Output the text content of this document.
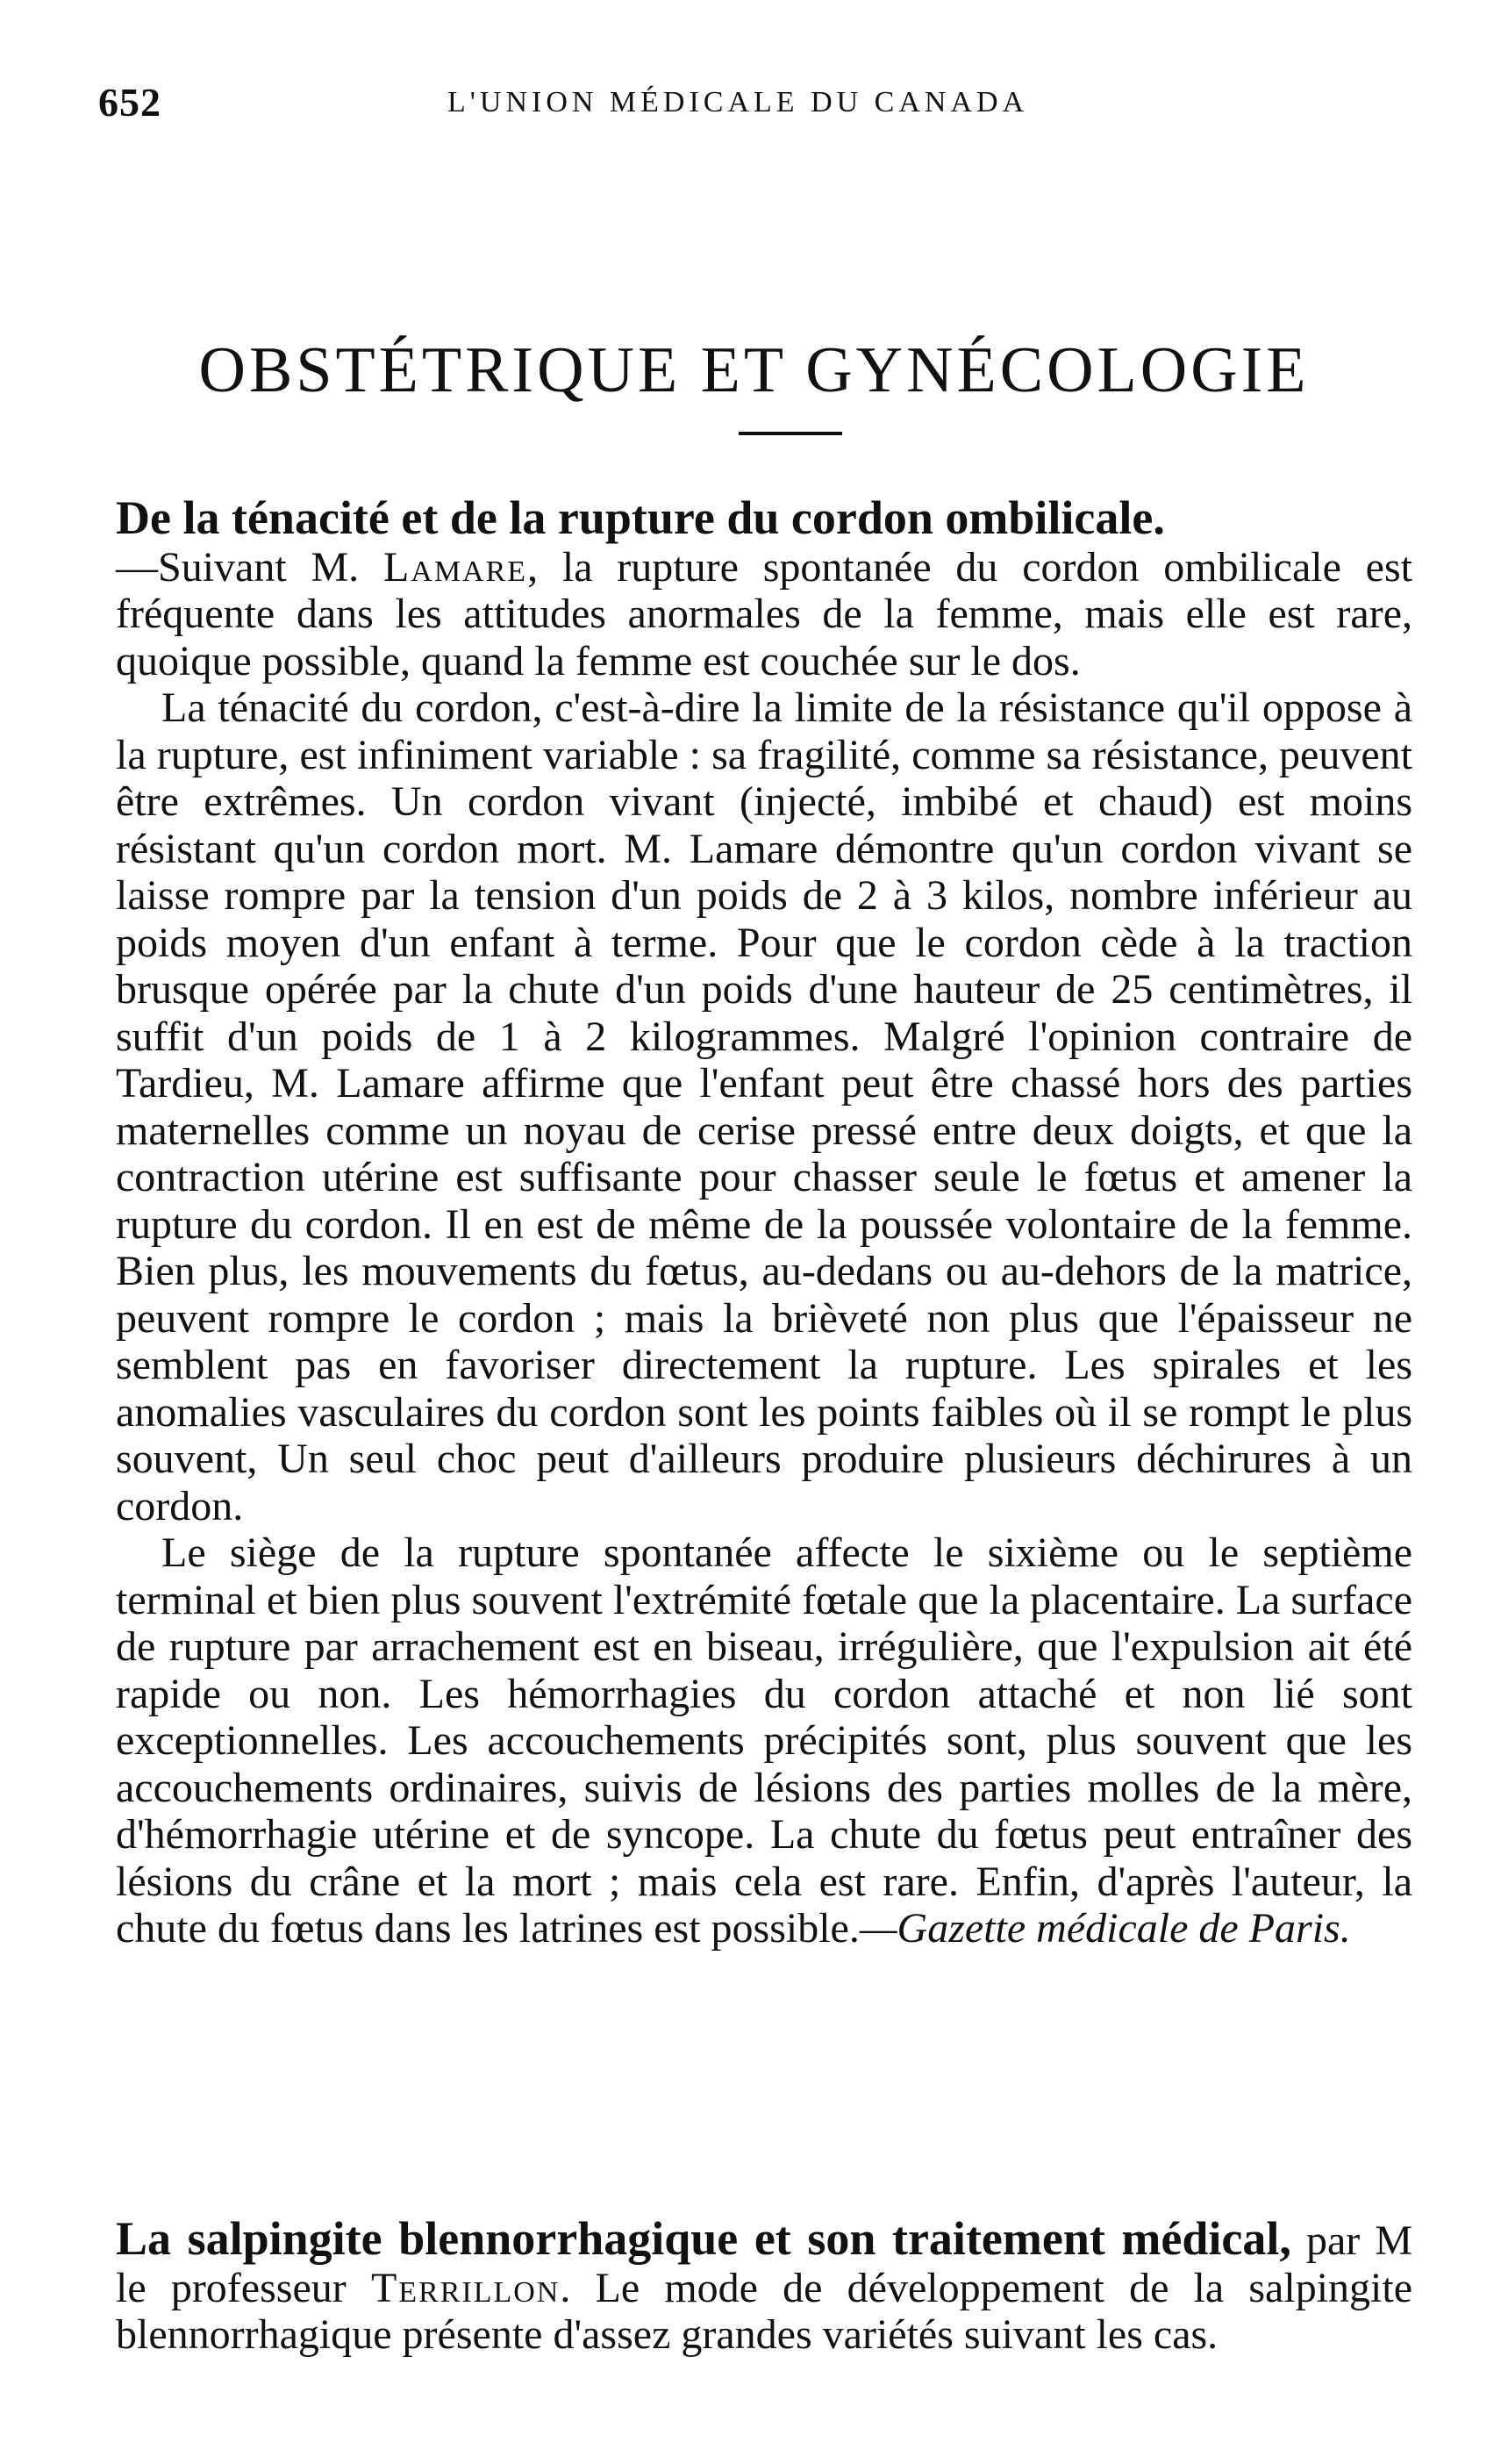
652	L'UNION MÉDICALE DU CANADA
OBSTÉTRIQUE ET GYNÉCOLOGIE

De la ténacité et de la rupture du cordon ombilicale.
—Suivant M. Lamare, la rupture spontanée du cordon ombilicale est fréquente dans les attitudes anormales de la femme, mais elle est rare, quoique possible, quand la femme est couchée sur le dos.

La ténacité du cordon, c'est-à-dire la limite de la résistance qu'il oppose à la rupture, est infiniment variable : sa fragilité, comme sa résistance, peuvent être extrêmes. Un cordon vivant (injecté, imbibé et chaud) est moins résistant qu'un cordon mort. M. Lamare démontre qu'un cordon vivant se laisse rompre par la tension d'un poids de 2 à 3 kilos, nombre inférieur au poids moyen d'un enfant à terme. Pour que le cordon cède à la traction brusque opérée par la chute d'un poids d'une hauteur de 25 centimètres, il suffit d'un poids de 1 à 2 kilogrammes. Malgré l'opinion contraire de Tardieu, M. Lamare affirme que l'enfant peut être chassé hors des parties maternelles comme un noyau de cerise pressé entre deux doigts, et que la contraction utérine est suffisante pour chasser seule le fœtus et amener la rupture du cordon. Il en est de même de la poussée volontaire de la femme. Bien plus, les mouvements du fœtus, au-dedans ou au-dehors de la matrice, peuvent rompre le cordon ; mais la brièveté non plus que l'épaisseur ne semblent pas en favoriser directement la rupture. Les spirales et les anomalies vasculaires du cordon sont les points faibles où il se rompt le plus souvent, Un seul choc peut d'ailleurs produire plusieurs déchirures à un cordon.

Le siège de la rupture spontanée affecte le sixième ou le septième terminal et bien plus souvent l'extrémité fœtale que la placentaire. La surface de rupture par arrachement est en biseau, irrégulière, que l'expulsion ait été rapide ou non. Les hémorrhagies du cordon attaché et non lié sont exceptionnelles. Les accouchements précipités sont, plus souvent que les accouchements ordinaires, suivis de lésions des parties molles de la mère, d'hémorrhagie utérine et de syncope. La chute du fœtus peut entraîner des lésions du crâne et la mort ; mais cela est rare. Enfin, d'après l'auteur, la chute du fœtus dans les latrines est possible.—Gazette médicale de Paris.

La salpingite blennorrhagique et son traitement médical, par M le professeur Terrillon. Le mode de développement de la salpingite blennorrhagique présente d'assez grandes variétés suivant les cas.
